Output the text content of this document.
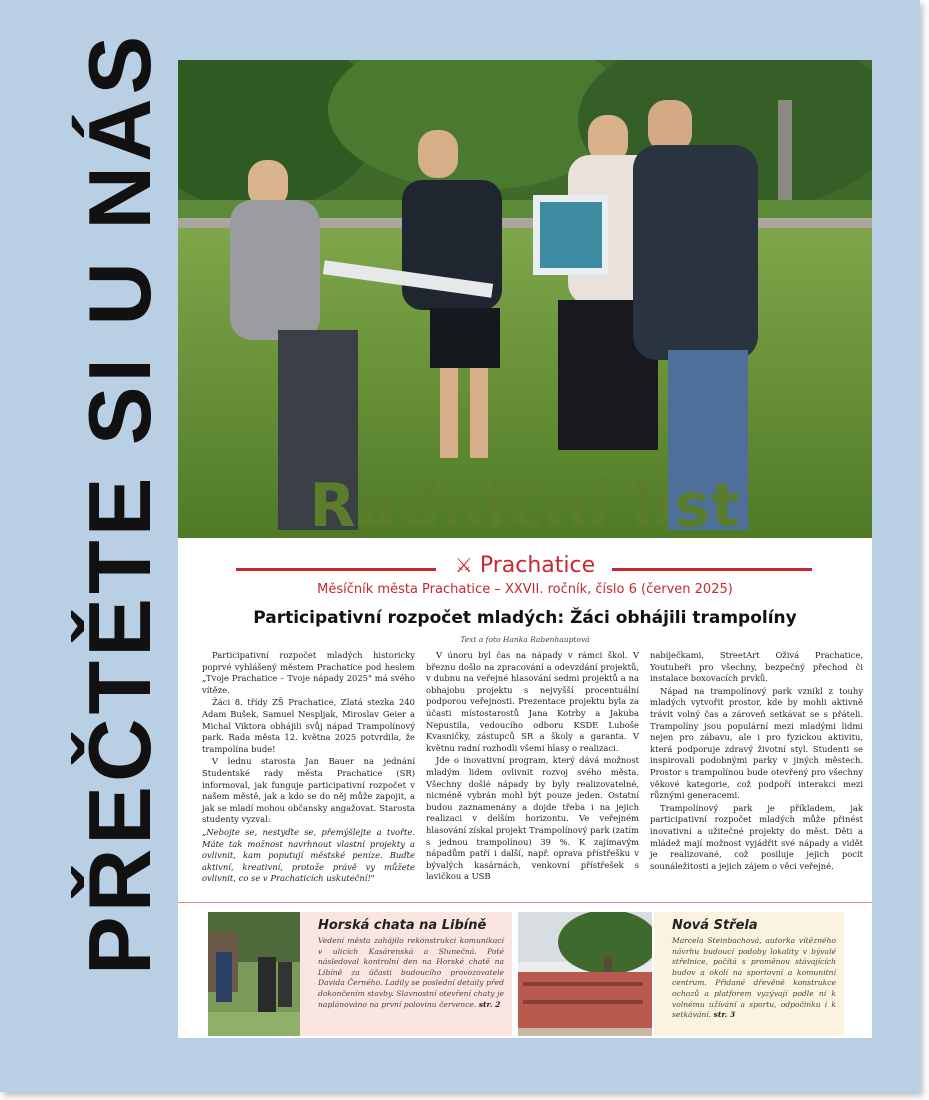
PŘEČTĚTE SI U NÁS	Radniční list
⚔ Prachatice
Měsíčník města Prachatice – XXVII. ročník, číslo 6 (červen 2025)
Participativní rozpočet mladých: Žáci obhájili trampolíny
Text a foto Hanka Rabenhauptová

Participativní rozpočet mladých historicky poprvé vyhlášený městem Prachatice pod heslem „Tvoje Prachatice – Tvoje nápady 2025" má svého vítěze.

Žáci 8. třídy ZŠ Prachatice, Zlatá stezka 240 Adam Bušek, Samuel Nespljak, Miroslav Geier a Michal Viktora obhájili svůj nápad Trampolínový park. Rada města 12. května 2025 potvrdila, že trampolína bude!

V lednu starosta Jan Bauer na jednání Studentské rady města Prachatice (SR) informoval, jak funguje participativní rozpočet v našem městě, jak a kdo se do něj může zapojit, a jak se mladí mohou občansky angažovat. Starosta studenty vyzval:

„Nebojte se, nestyďte se, přemýšlejte a tvořte. Máte tak možnost navrhnout vlastní projekty a ovlivnit, kam poputují městské peníze. Buďte aktivní, kreativní, protože právě vy můžete ovlivnit, co se v Prachaticích uskuteční!"

V únoru byl čas na nápady v rámci škol. V březnu došlo na zpracování a odevzdání projektů, v dubnu na veřejné hlasování sedmi projektů a na obhajobu projektu s nejvyšší procentuální podporou veřejnosti. Prezentace projektu byla za účasti místostarostů Jana Kotrby a Jakuba Nepustila, vedoucího odboru KSDE Luboše Kvasničky, zástupců SR a školy a garanta. V květnu radní rozhodli všemi hlasy o realizaci.

Jde o inovativní program, který dává možnost mladým lidem ovlivnit rozvoj svého města. Všechny došlé nápady by byly realizovatelné, nicméně vybrán mohl být pouze jeden. Ostatní budou zaznamenány a dojde třeba i na jejich realizaci v delším horizontu. Ve veřejném hlasování získal projekt Trampolínový park (zatím s jednou trampolínou) 39 %. K zajímavým nápadům patří i další, např. oprava přístřešku v bývalých kasárnách, venkovní přístřešek s lavičkou a USB

nabíječkami, StreetArt Oživá Prachatice, Youtubeři pro všechny, bezpečný přechod či instalace boxovacích prvků.

Nápad na trampolínový park vznikl z touhy mladých vytvořit prostor, kde by mohli aktivně trávit volný čas a zároveň setkávat se s přáteli. Trampolíny jsou populární mezi mladými lidmi nejen pro zábavu, ale i pro fyzickou aktivitu, která podporuje zdravý životní styl. Studenti se inspirovali podobnými parky v jiných městech. Prostor s trampolínou bude otevřený pro všechny věkové kategorie, což podpoří interakci mezi různými generacemi.

Trampolínový park je příkladem, jak participativní rozpočet mladých může přinést inovativní a užitečné projekty do měst. Děti a mládež mají možnost vyjádřit své nápady a vidět je realizované, což posiluje jejich pocit sounáležitosti a jejich zájem o věci veřejné.

Horská chata na Libíně
Vedení města zahájilo rekonstrukci komunikací v ulicích Kasárenská a Slunečná. Poté následoval kontrolní den na Horské chatě na Libíně za účasti budoucího provozovatele Davida Černého. Ladily se poslední detaily před dokončením stavby. Slavnostní otevření chaty je naplánováno na první polovinu července. str. 2
Nová Střela
Marcela Steinbachová, autorka vítězného návrhu budoucí podoby lokality v bývalé střelnice, počítá s proměnou stávajících budov a okolí na sportovní a komunitní centrum. Přidané dřevěné konstrukce ochozů a platforem vyzývají podle ní k volnému užívání a sportu, odpočinku i k setkávání. str. 3
